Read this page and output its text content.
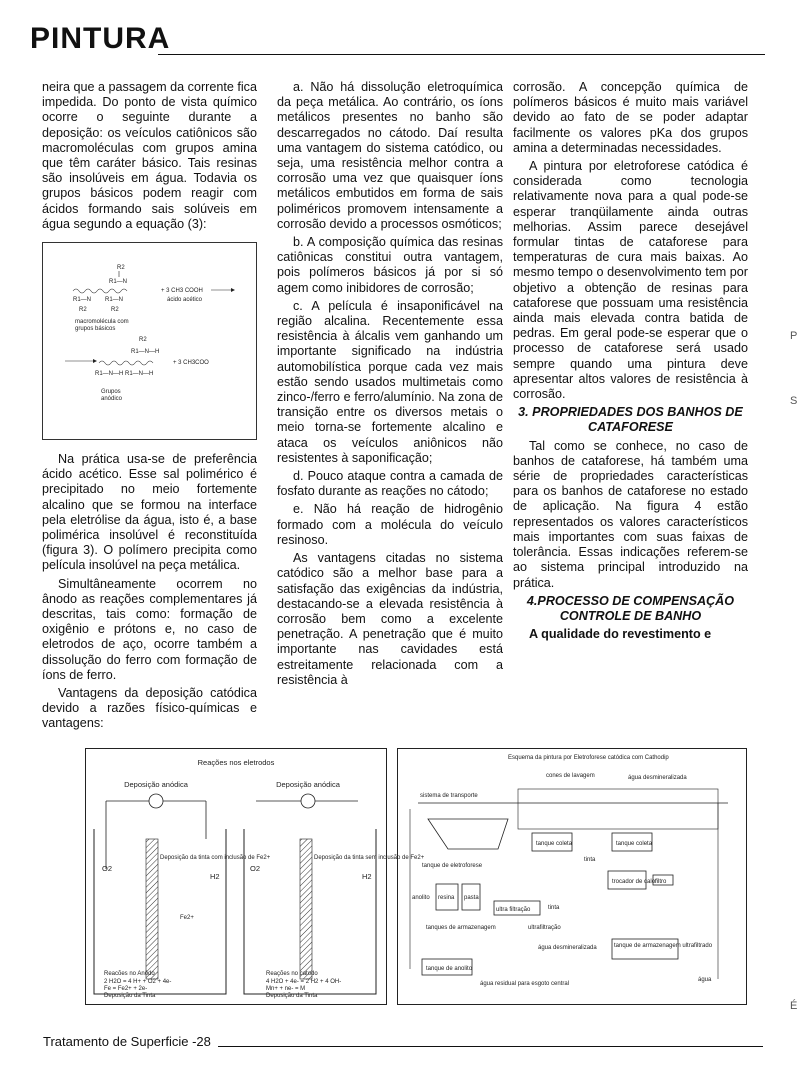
PINTURA

neira que a passagem da corrente fica impedida. Do ponto de vista químico ocorre o seguinte durante a deposição: os veículos catiônicos são macromoléculas com grupos amina que têm caráter básico. Tais resinas são insolúveis em água. Todavia os grupos básicos podem reagir com ácidos formando sais solúveis em água segundo a equação (3):

R2
R1—N
+ 3 CH3 COOH
R1—N R1—N	ácido acético
R2	R2
macromolécula com
grupos básicos
R2
R1—N—H
+ 3 CH3COO
R1—N—H R1—N—H
Grupos
anódico

Na prática usa-se de preferência ácido acético. Esse sal polimérico é precipitado no meio fortemente alcalino que se formou na interface pela eletrólise da água, isto é, a base polimérica insolúvel é reconstituída (figura 3). O polímero precipita como película insolúvel na peça metálica.

Simultâneamente ocorrem no ânodo as reações complementares já descritas, tais como: formação de oxigênio e prótons e, no caso de eletrodos de aço, ocorre também a dissolução do ferro com formação de íons de ferro.

Vantagens da deposição catódica devido a razões físico-químicas e vantagens:

a. Não há dissolução eletroquímica da peça metálica. Ao contrário, os íons metálicos presentes no banho são descarregados no cátodo. Daí resulta uma vantagem do sistema catódico, ou seja, uma resistência melhor contra a corrosão uma vez que quaisquer íons metálicos embutidos em forma de sais poliméricos promovem intensamente a corrosão devido a processos osmóticos;

b. A composição química das resinas catiônicas constitui outra vantagem, pois polímeros básicos já por si só agem como inibidores de corrosão;

c. A película é insaponificável na região alcalina. Recentemente essa resistência à álcalis vem ganhando um importante significado na indústria automobilística porque cada vez mais estão sendo usados multimetais como zinco-/ferro e ferro/alumínio. Na zona de transição entre os diversos metais o meio torna-se fortemente alcalino e ataca os veículos aniônicos não resistentes à saponificação;

d. Pouco ataque contra a camada de fosfato durante as reações no cátodo;

e. Não há reação de hidrogênio formado com a molécula do veículo resinoso.

As vantagens citadas no sistema catódico são a melhor base para a satisfação das exigências da indústria, destacando-se a elevada resistência à corrosão bem como a excelente penetração. A penetração que é muito importante nas cavidades está estreitamente relacionada com a resistência à

corrosão. A concepção química de polímeros básicos é muito mais variável devido ao fato de se poder adaptar facilmente os valores pKa dos grupos amina a determinadas necessidades.

A pintura por eletroforese catódica é considerada como tecnologia relativamente nova para a qual pode-se esperar tranqüilamente ainda outras melhorias. Assim parece desejável formular tintas de cataforese para temperaturas de cura mais baixas. Ao mesmo tempo o desenvolvimento tem por objetivo a obtenção de resinas para cataforese que possuam uma resistência ainda mais elevada contra batida de pedras. Em geral pode-se esperar que o processo de cataforese será usado sempre quando uma pintura deve apresentar altos valores de resistência à corrosão.

3. PROPRIEDADES DOS BANHOS DE CATAFORESE

Tal como se conhece, no caso de banhos de cataforese, há também uma série de propriedades características para os banhos de cataforese no estado de aplicação. Na figura 4 estão representados os valores característicos mais importantes com suas faixas de tolerância. Essas indicações referem-se ao sistema principal introduzido na prática.

4.PROCESSO DE COMPENSAÇÃO CONTROLE DE BANHO

A qualidade do revestimento e

Reações nos eletrodos
Deposição anódica
O2
H2
Deposição da tinta com inclusão de Fe2+
Fe2+
Reacões no Anôdo
2 H2O = 4 H+ + O2 + 4e-
Fe = Fe2+ + 2e-
Deposição da Tinta
Deposição anódica
O2
H2
Deposição da tinta sem inclusão de Fe2+
Reações no catodo
4 H2O + 4e- = 2 H2 + 4 OH-
Mn+ + ne- = M
Deposição da Tinta
Esquema da pintura por Eletroforese catódica com Cathodip
cones de lavagem	água desmineralizada
sistema de transporte
tanque coleta	tanque coleta
tinta
tanque de eletroforese
trocador de calor
filtro
resina pasta
ultra filtração	tinta
ultrafiltração
tanques de armazenagem
água desmineralizada	tanque de armazenagem ultrafiltrado
tanque de anolito
água residual para esgoto central
água
anolito
Tratamento de Superficie -28
P
S
É
